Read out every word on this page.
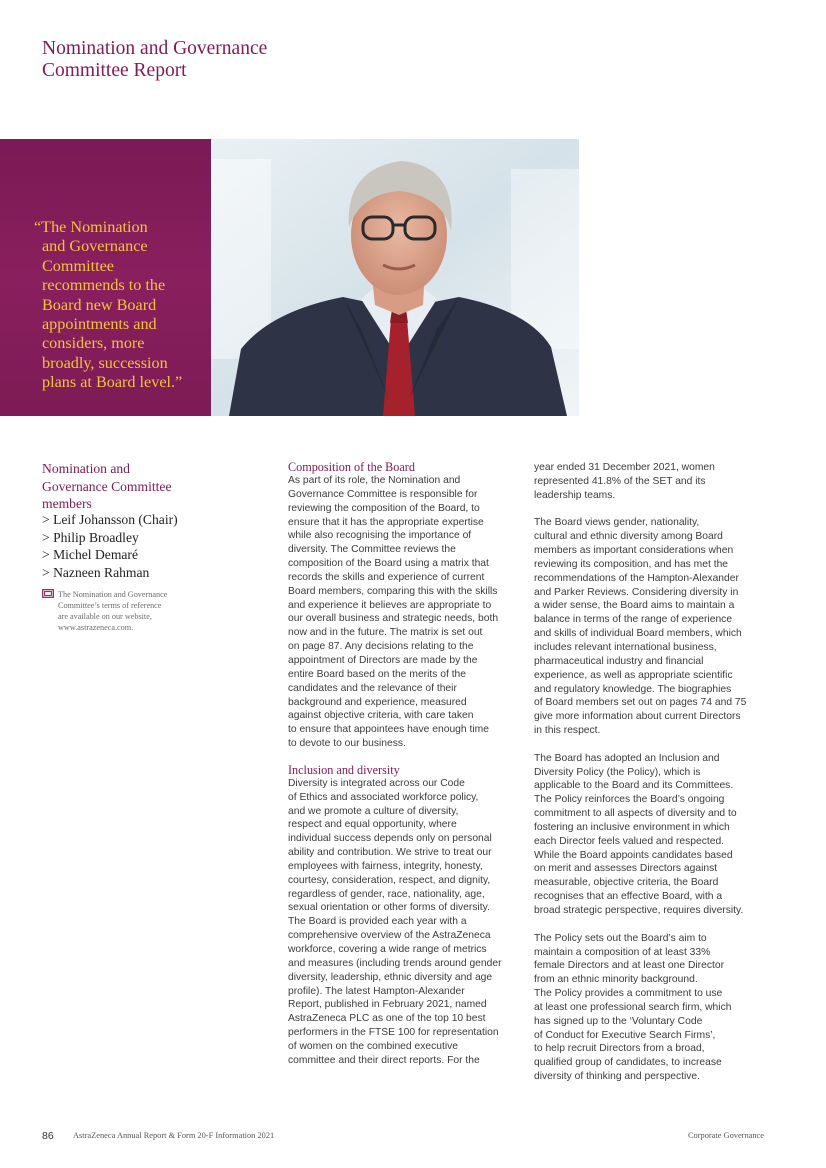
Nomination and Governance
Committee Report
“The Nomination
and Governance
Committee
recommends to the
Board new Board
appointments and
considers, more
broadly, succession
plans at Board level.”
Nomination and
Governance Committee
members
> Leif Johansson (Chair)
> Philip Broadley
> Michel Demaré
> Nazneen Rahman
The Nomination and Governance
Committee’s terms of reference
are available on our website,
www.astrazeneca.com.
Composition of the Board
As part of its role, the Nomination and
Governance Committee is responsible for
reviewing the composition of the Board, to
ensure that it has the appropriate expertise
while also recognising the importance of
diversity. The Committee reviews the
composition of the Board using a matrix that
records the skills and experience of current
Board members, comparing this with the skills
and experience it believes are appropriate to
our overall business and strategic needs, both
now and in the future. The matrix is set out
on page 87. Any decisions relating to the
appointment of Directors are made by the
entire Board based on the merits of the
candidates and the relevance of their
background and experience, measured
against objective criteria, with care taken
to ensure that appointees have enough time
to devote to our business.
Inclusion and diversity
Diversity is integrated across our Code
of Ethics and associated workforce policy,
and we promote a culture of diversity,
respect and equal opportunity, where
individual success depends only on personal
ability and contribution. We strive to treat our
employees with fairness, integrity, honesty,
courtesy, consideration, respect, and dignity,
regardless of gender, race, nationality, age,
sexual orientation or other forms of diversity.
The Board is provided each year with a
comprehensive overview of the AstraZeneca
workforce, covering a wide range of metrics
and measures (including trends around gender
diversity, leadership, ethnic diversity and age
profile). The latest Hampton-Alexander
Report, published in February 2021, named
AstraZeneca PLC as one of the top 10 best
performers in the FTSE 100 for representation
of women on the combined executive
committee and their direct reports. For the
year ended 31 December 2021, women
represented 41.8% of the SET and its
leadership teams.
The Board views gender, nationality,
cultural and ethnic diversity among Board
members as important considerations when
reviewing its composition, and has met the
recommendations of the Hampton-Alexander
and Parker Reviews. Considering diversity in
a wider sense, the Board aims to maintain a
balance in terms of the range of experience
and skills of individual Board members, which
includes relevant international business,
pharmaceutical industry and financial
experience, as well as appropriate scientific
and regulatory knowledge. The biographies
of Board members set out on pages 74 and 75
give more information about current Directors
in this respect.
The Board has adopted an Inclusion and
Diversity Policy (the Policy), which is
applicable to the Board and its Committees.
The Policy reinforces the Board’s ongoing
commitment to all aspects of diversity and to
fostering an inclusive environment in which
each Director feels valued and respected.
While the Board appoints candidates based
on merit and assesses Directors against
measurable, objective criteria, the Board
recognises that an effective Board, with a
broad strategic perspective, requires diversity.
The Policy sets out the Board’s aim to
maintain a composition of at least 33%
female Directors and at least one Director
from an ethnic minority background.
The Policy provides a commitment to use
at least one professional search firm, which
has signed up to the ‘Voluntary Code
of Conduct for Executive Search Firms’,
to help recruit Directors from a broad,
qualified group of candidates, to increase
diversity of thinking and perspective.
86 AstraZeneca Annual Report & Form 20-F Information 2021	Corporate Governance
